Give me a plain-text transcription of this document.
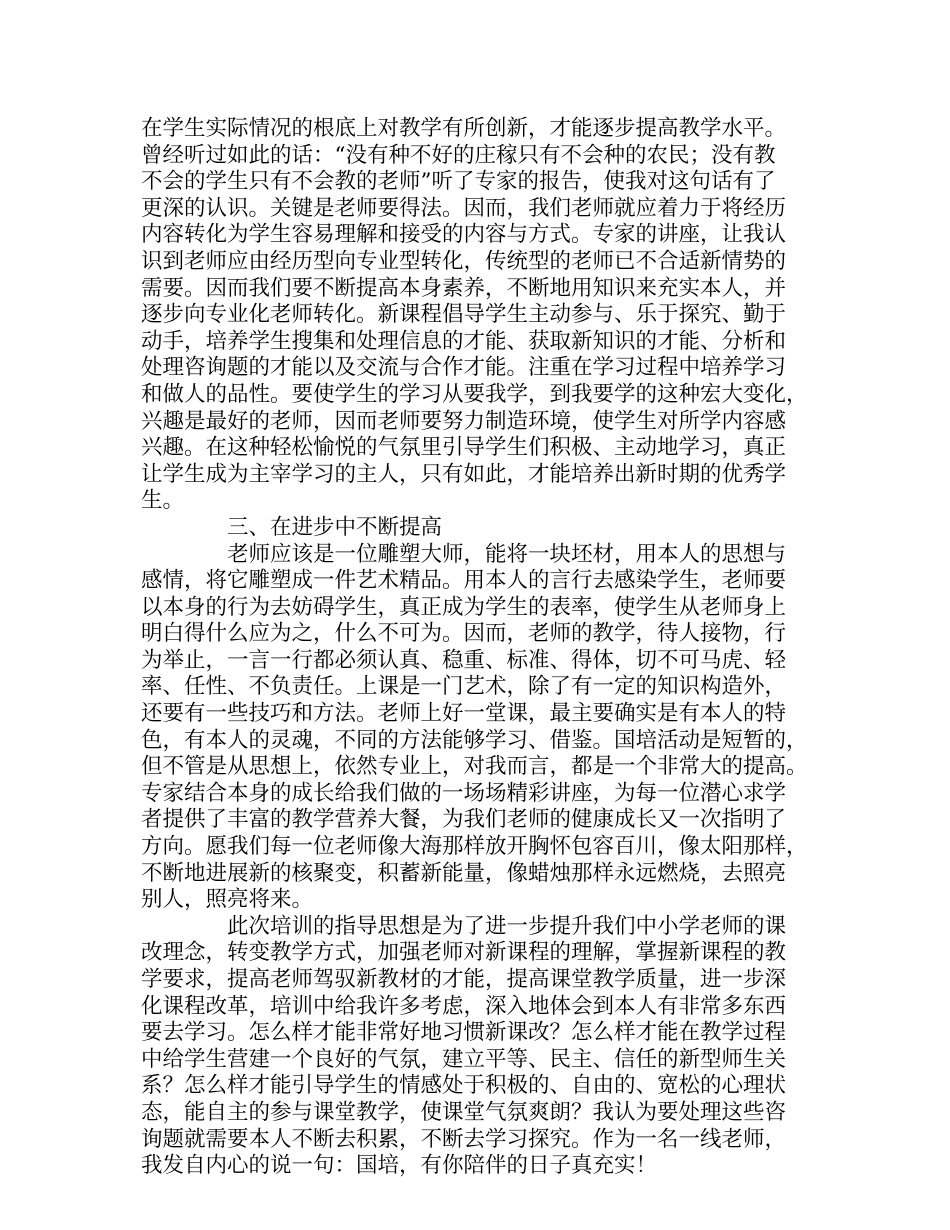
在学生实际情况的根底上对教学有所创新，才能逐步提高教学水平。
曾经听过如此的话：“没有种不好的庄稼只有不会种的农民；没有教
不会的学生只有不会教的老师”听了专家的报告，使我对这句话有了
更深的认识。关键是老师要得法。因而，我们老师就应着力于将经历
内容转化为学生容易理解和接受的内容与方式。专家的讲座，让我认
识到老师应由经历型向专业型转化，传统型的老师已不合适新情势的
需要。因而我们要不断提高本身素养，不断地用知识来充实本人，并
逐步向专业化老师转化。新课程倡导学生主动参与、乐于探究、勤于
动手，培养学生搜集和处理信息的才能、获取新知识的才能、分析和
处理咨询题的才能以及交流与合作才能。注重在学习过程中培养学习
和做人的品性。要使学生的学习从要我学，到我要学的这种宏大变化，
兴趣是最好的老师，因而老师要努力制造环境，使学生对所学内容感
兴趣。在这种轻松愉悦的气氛里引导学生们积极、主动地学习，真正
让学生成为主宰学习的主人，只有如此，才能培养出新时期的优秀学
生。
三、在进步中不断提高
老师应该是一位雕塑大师，能将一块坯材，用本人的思想与
感情，将它雕塑成一件艺术精品。用本人的言行去感染学生，老师要
以本身的行为去妨碍学生，真正成为学生的表率，使学生从老师身上
明白得什么应为之，什么不可为。因而，老师的教学，待人接物，行
为举止，一言一行都必须认真、稳重、标准、得体，切不可马虎、轻
率、任性、不负责任。上课是一门艺术，除了有一定的知识构造外，
还要有一些技巧和方法。老师上好一堂课，最主要确实是有本人的特
色，有本人的灵魂，不同的方法能够学习、借鉴。国培活动是短暂的，
但不管是从思想上，依然专业上，对我而言，都是一个非常大的提高。
专家结合本身的成长给我们做的一场场精彩讲座，为每一位潜心求学
者提供了丰富的教学营养大餐，为我们老师的健康成长又一次指明了
方向。愿我们每一位老师像大海那样放开胸怀包容百川，像太阳那样，
不断地进展新的核聚变，积蓄新能量，像蜡烛那样永远燃烧，去照亮
别人，照亮将来。
此次培训的指导思想是为了进一步提升我们中小学老师的课
改理念，转变教学方式，加强老师对新课程的理解，掌握新课程的教
学要求，提高老师驾驭新教材的才能，提高课堂教学质量，进一步深
化课程改革，培训中给我许多考虑，深入地体会到本人有非常多东西
要去学习。怎么样才能非常好地习惯新课改？怎么样才能在教学过程
中给学生营建一个良好的气氛，建立平等、民主、信任的新型师生关
系？怎么样才能引导学生的情感处于积极的、自由的、宽松的心理状
态，能自主的参与课堂教学，使课堂气氛爽朗？我认为要处理这些咨
询题就需要本人不断去积累，不断去学习探究。作为一名一线老师，
我发自内心的说一句：国培，有你陪伴的日子真充实！
